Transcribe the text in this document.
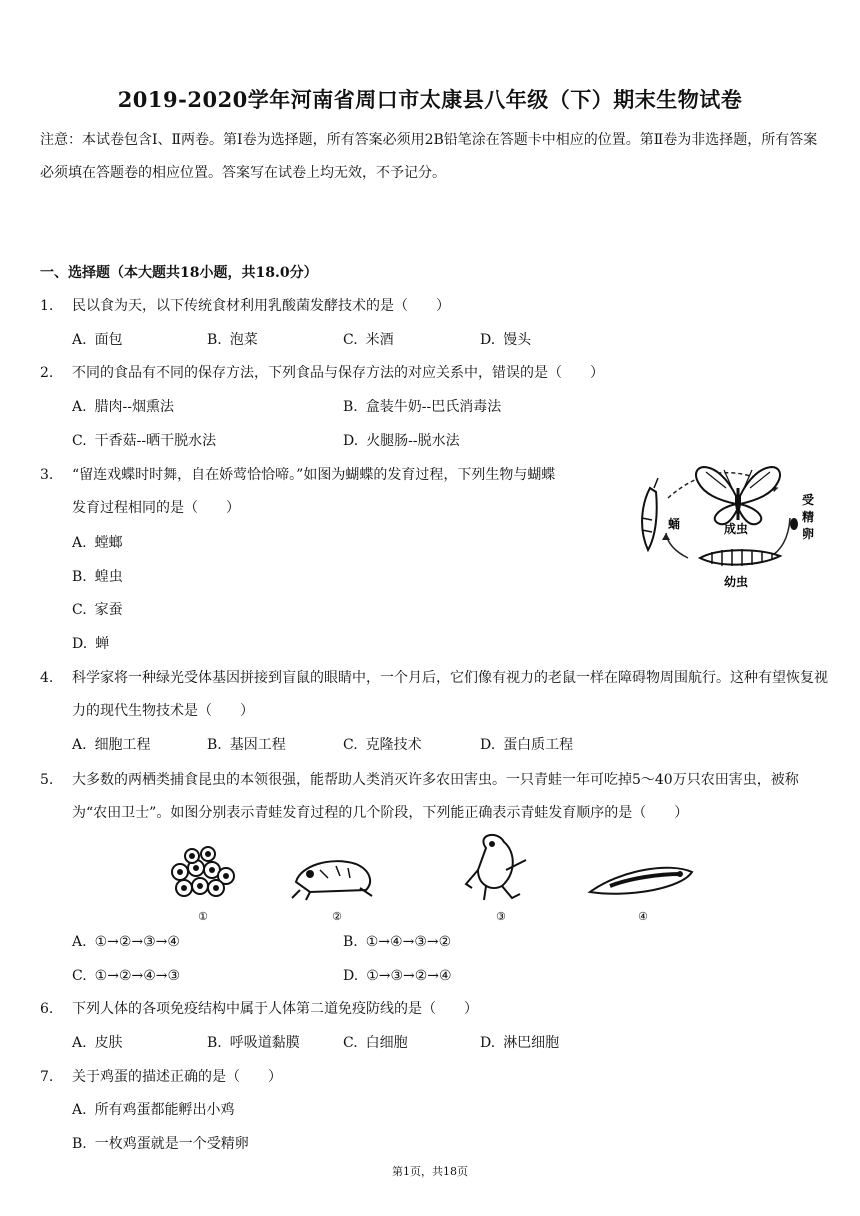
2019-2020学年河南省周口市太康县八年级（下）期末生物试卷
注意：本试卷包含Ⅰ、Ⅱ两卷。第Ⅰ卷为选择题，所有答案必须用2B铅笔涂在答题卡中相应的位置。第Ⅱ卷为非选择题，所有答案必须填在答题卷的相应位置。答案写在试卷上均无效，不予记分。
一、选择题（本大题共18小题，共18.0分）
1.	民以食为天，以下传统食材利用乳酸菌发酵技术的是（　　）
A. 面包	B. 泡菜	C. 米酒	D. 馒头
2.	不同的食品有不同的保存方法，下列食品与保存方法的对应关系中，错误的是（　　）
A. 腊肉--烟熏法	B. 盒装牛奶--巴氏消毒法
C. 干香菇--晒干脱水法	D. 火腿肠--脱水法
3.	“留连戏蝶时时舞，自在娇莺恰恰啼。”如图为蝴蝶的发育过程，下列生物与蝴蝶
发育过程相同的是（　　）
A. 螳螂
B. 蝗虫
C. 家蚕
D. 蝉
成虫
蛹
受
精
卵
幼虫
4.	科学家将一种绿光受体基因拼接到盲鼠的眼睛中，一个月后，它们像有视力的老鼠一样在障碍物周围航行。这种有望恢复视力的现代生物技术是（　　）
A. 细胞工程	B. 基因工程	C. 克隆技术	D. 蛋白质工程
5.	大多数的两栖类捕食昆虫的本领很强，能帮助人类消灭许多农田害虫。一只青蛙一年可吃掉5～40万只农田害虫，被称为“农田卫士”。如图分别表示青蛙发育过程的几个阶段，下列能正确表示青蛙发育顺序的是（　　）
①	②	③	④
A. ①→②→③→④	B. ①→④→③→②
C. ①→②→④→③	D. ①→③→②→④
6.	下列人体的各项免疫结构中属于人体第二道免疫防线的是（　　）
A. 皮肤	B. 呼吸道黏膜	C. 白细胞	D. 淋巴细胞
7.	关于鸡蛋的描述正确的是（　　）
A. 所有鸡蛋都能孵出小鸡
B. 一枚鸡蛋就是一个受精卵
第1页，共18页
